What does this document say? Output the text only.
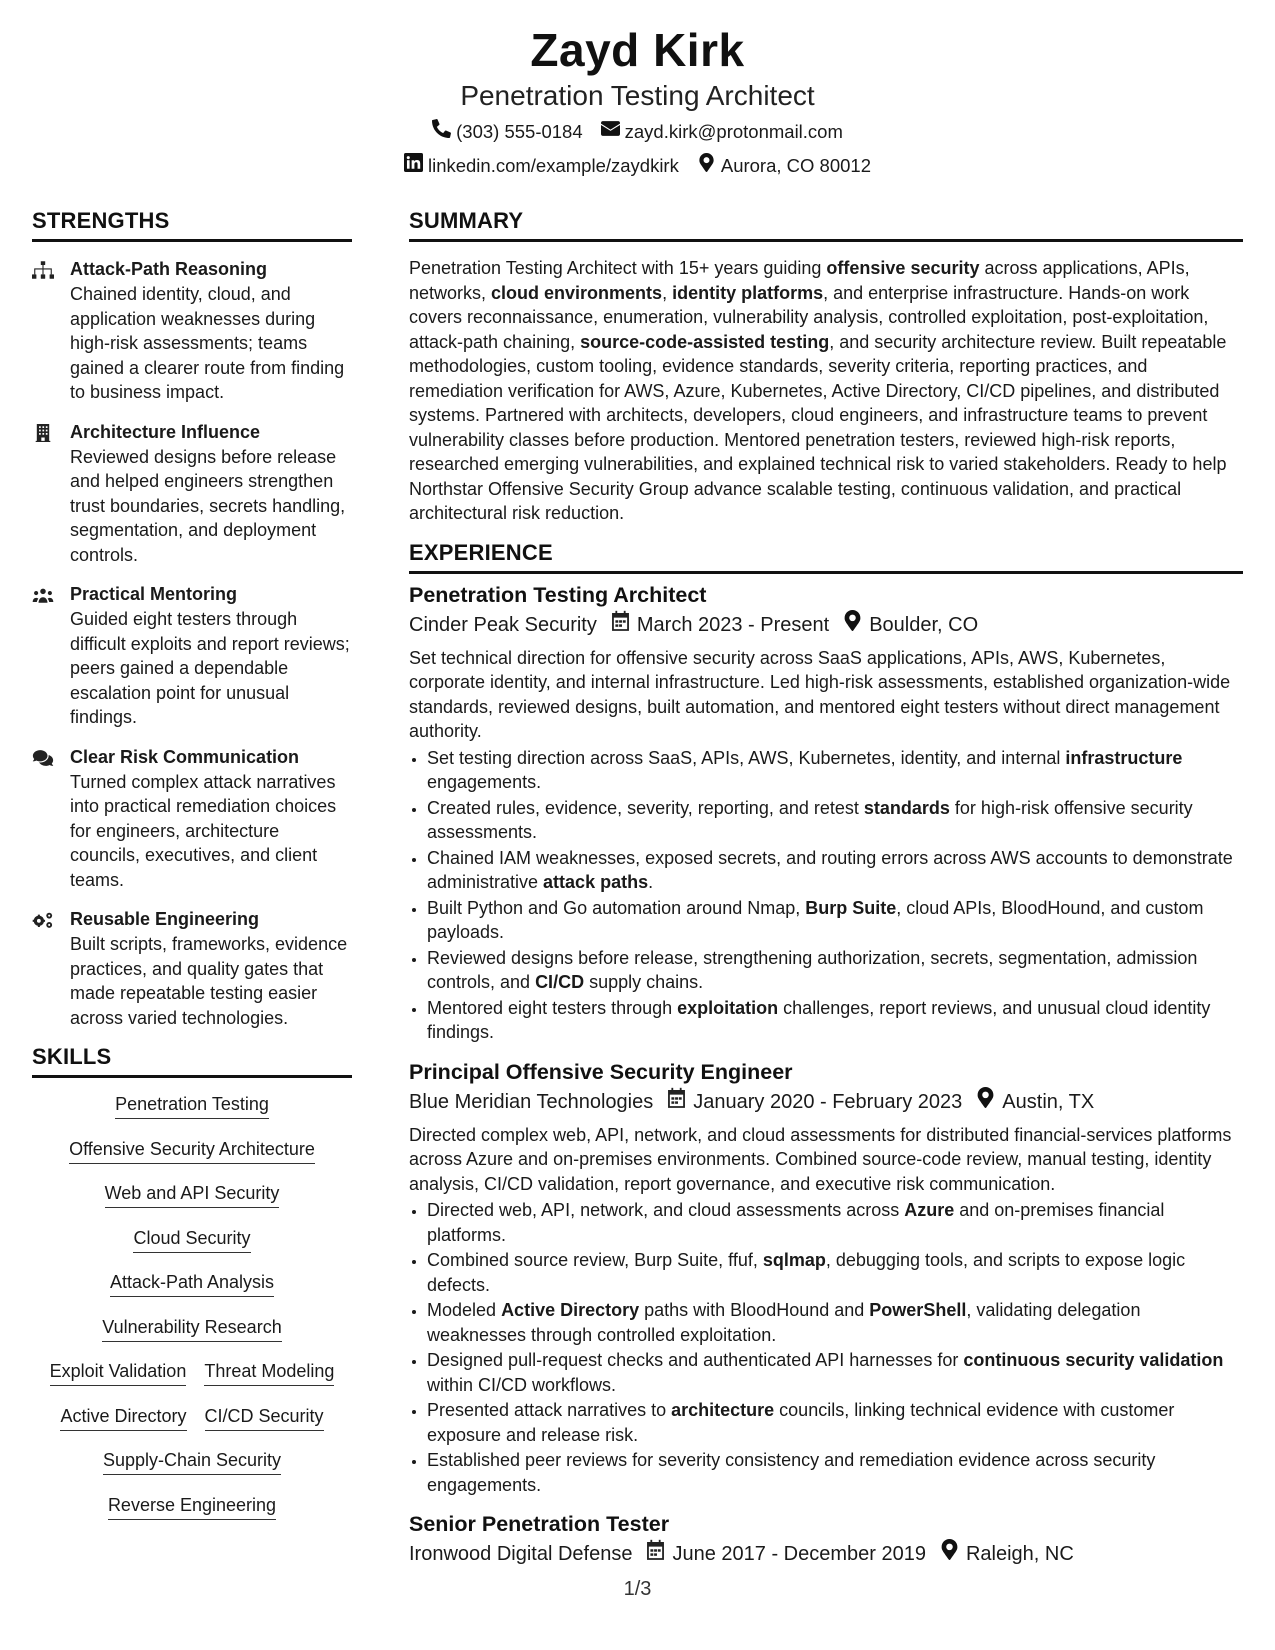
Zayd Kirk
Penetration Testing Architect
(303) 555-0184 zayd.kirk@protonmail.com
linkedin.com/example/zaydkirk Aurora, CO 80012
STRENGTHS
Attack-Path Reasoning
Chained identity, cloud, and application weaknesses during high-risk assessments; teams gained a clearer route from finding to business impact.
Architecture Influence
Reviewed designs before release and helped engineers strengthen trust boundaries, secrets handling, segmentation, and deployment controls.
Practical Mentoring
Guided eight testers through difficult exploits and report reviews; peers gained a dependable escalation point for unusual findings.
Clear Risk Communication
Turned complex attack narratives into practical remediation choices for engineers, architecture councils, executives, and client teams.
Reusable Engineering
Built scripts, frameworks, evidence practices, and quality gates that made repeatable testing easier across varied technologies.
SKILLS
Penetration Testing
Offensive Security Architecture
Web and API Security
Cloud Security
Attack-Path Analysis
Vulnerability Research
Exploit Validation Threat Modeling
Active Directory CI/CD Security
Supply-Chain Security
Reverse Engineering
SUMMARY

Penetration Testing Architect with 15+ years guiding offensive security across applications, APIs, networks, cloud environments, identity platforms, and enterprise infrastructure. Hands-on work covers reconnaissance, enumeration, vulnerability analysis, controlled exploitation, post-exploitation, attack-path chaining, source-code-assisted testing, and security architecture review. Built repeatable methodologies, custom tooling, evidence standards, severity criteria, reporting practices, and remediation verification for AWS, Azure, Kubernetes, Active Directory, CI/CD pipelines, and distributed systems. Partnered with architects, developers, cloud engineers, and infrastructure teams to prevent vulnerability classes before production. Mentored penetration testers, reviewed high-risk reports, researched emerging vulnerabilities, and explained technical risk to varied stakeholders. Ready to help Northstar Offensive Security Group advance scalable testing, continuous validation, and practical architectural risk reduction.

EXPERIENCE
Penetration Testing Architect
Cinder Peak Security March 2023 - Present Boulder, CO

Set technical direction for offensive security across SaaS applications, APIs, AWS, Kubernetes, corporate identity, and internal infrastructure. Led high-risk assessments, established organization-wide standards, reviewed designs, built automation, and mentored eight testers without direct management authority.

• Set testing direction across SaaS, APIs, AWS, Kubernetes, identity, and internal infrastructure engagements.
• Created rules, evidence, severity, reporting, and retest standards for high-risk offensive security assessments.
• Chained IAM weaknesses, exposed secrets, and routing errors across AWS accounts to demonstrate administrative attack paths.
• Built Python and Go automation around Nmap, Burp Suite, cloud APIs, BloodHound, and custom payloads.
• Reviewed designs before release, strengthening authorization, secrets, segmentation, admission controls, and CI/CD supply chains.
• Mentored eight testers through exploitation challenges, report reviews, and unusual cloud identity findings.
Principal Offensive Security Engineer
Blue Meridian Technologies January 2020 - February 2023 Austin, TX

Directed complex web, API, network, and cloud assessments for distributed financial-services platforms across Azure and on-premises environments. Combined source-code review, manual testing, identity analysis, CI/CD validation, report governance, and executive risk communication.

• Directed web, API, network, and cloud assessments across Azure and on-premises financial platforms.
• Combined source review, Burp Suite, ffuf, sqlmap, debugging tools, and scripts to expose logic defects.
• Modeled Active Directory paths with BloodHound and PowerShell, validating delegation weaknesses through controlled exploitation.
• Designed pull-request checks and authenticated API harnesses for continuous security validation within CI/CD workflows.
• Presented attack narratives to architecture councils, linking technical evidence with customer exposure and release risk.
• Established peer reviews for severity consistency and remediation evidence across security engagements.
Senior Penetration Tester
Ironwood Digital Defense June 2017 - December 2019 Raleigh, NC
1/3
